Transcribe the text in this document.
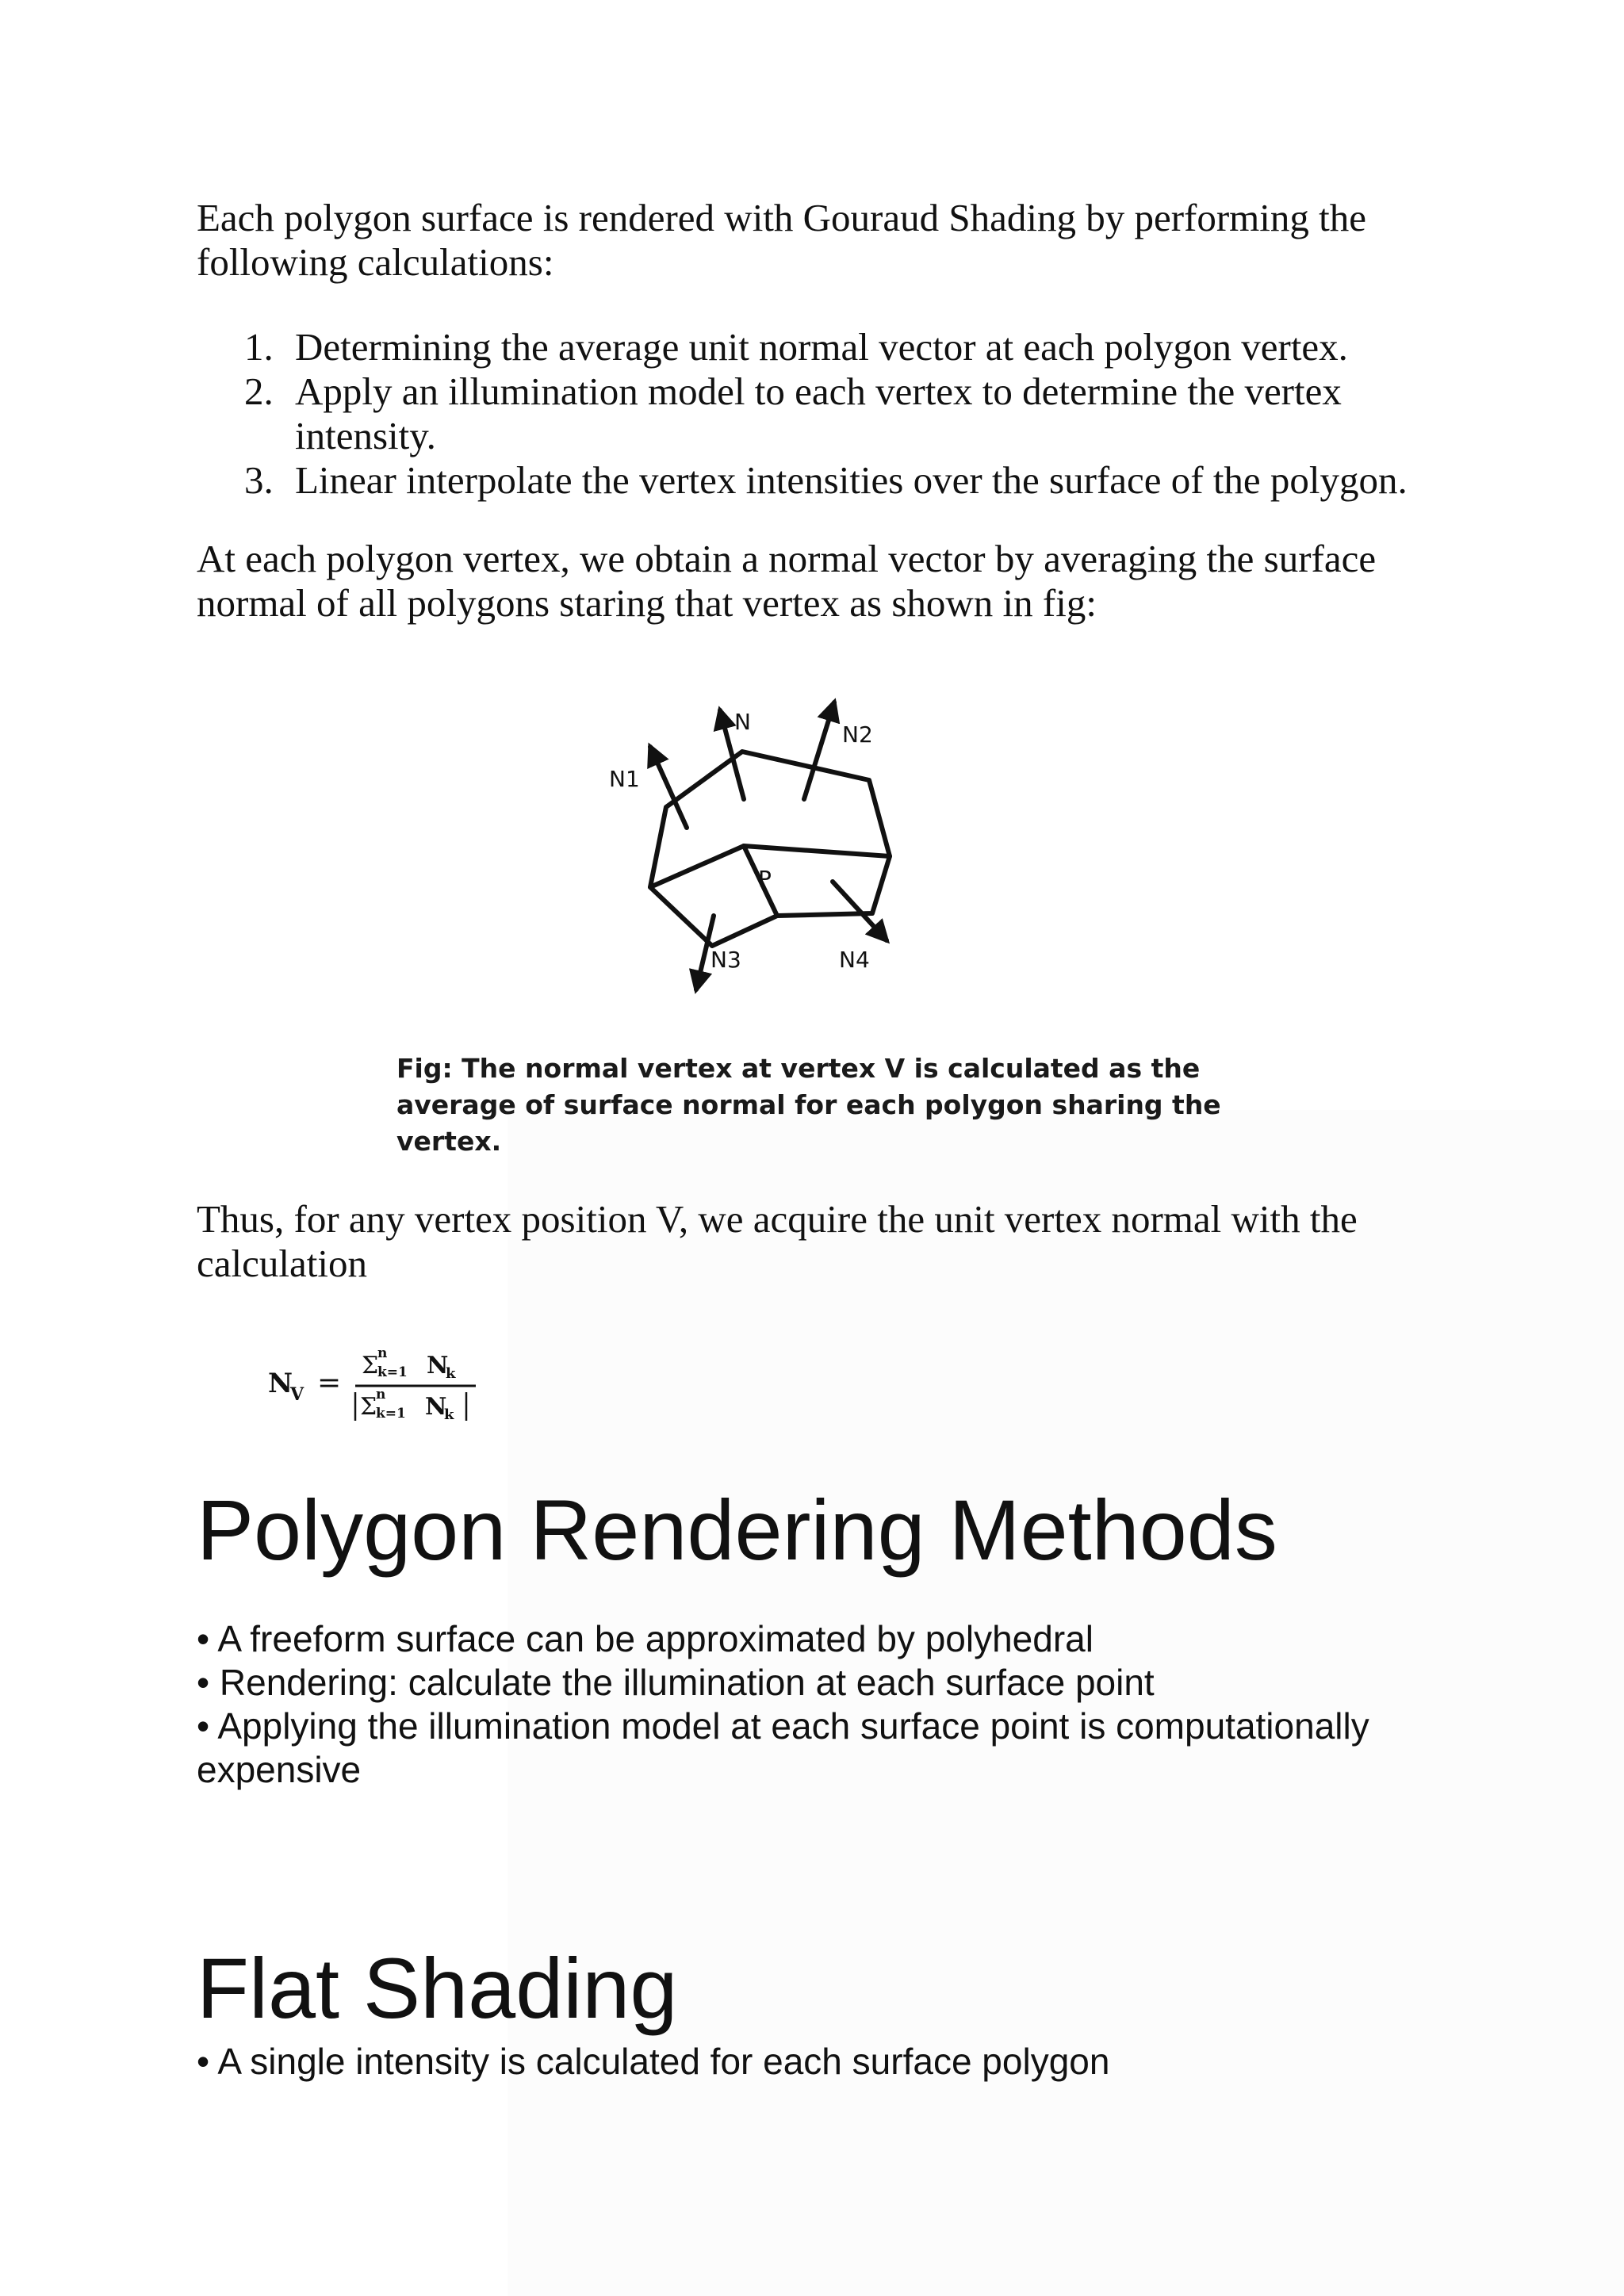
Each polygon surface is rendered with Gouraud Shading by performing the following calculations:

1. Determining the average unit normal vector at each polygon vertex.
2. Apply an illumination model to each vertex to determine the vertex intensity.
3. Linear interpolate the vertex intensities over the surface of the polygon.

At each polygon vertex, we obtain a normal vector by averaging the surface normal of all polygons staring that vertex as shown in fig:

N1
N	N2
P
N3	N4

Fig: The normal vertex at vertex V is calculated as the average of surface normal for each polygon sharing the vertex.

Thus, for any vertex position V, we acquire the unit vertex normal with the calculation

N
V =
Σ
n
k=1 N
k
Σ
n
k=1 N
k
Polygon Rendering Methods
• A freeform surface can be approximated by polyhedral
• Rendering: calculate the illumination at each surface point
• Applying the illumination model at each surface point is computationally expensive
Flat Shading
• A single intensity is calculated for each surface polygon
